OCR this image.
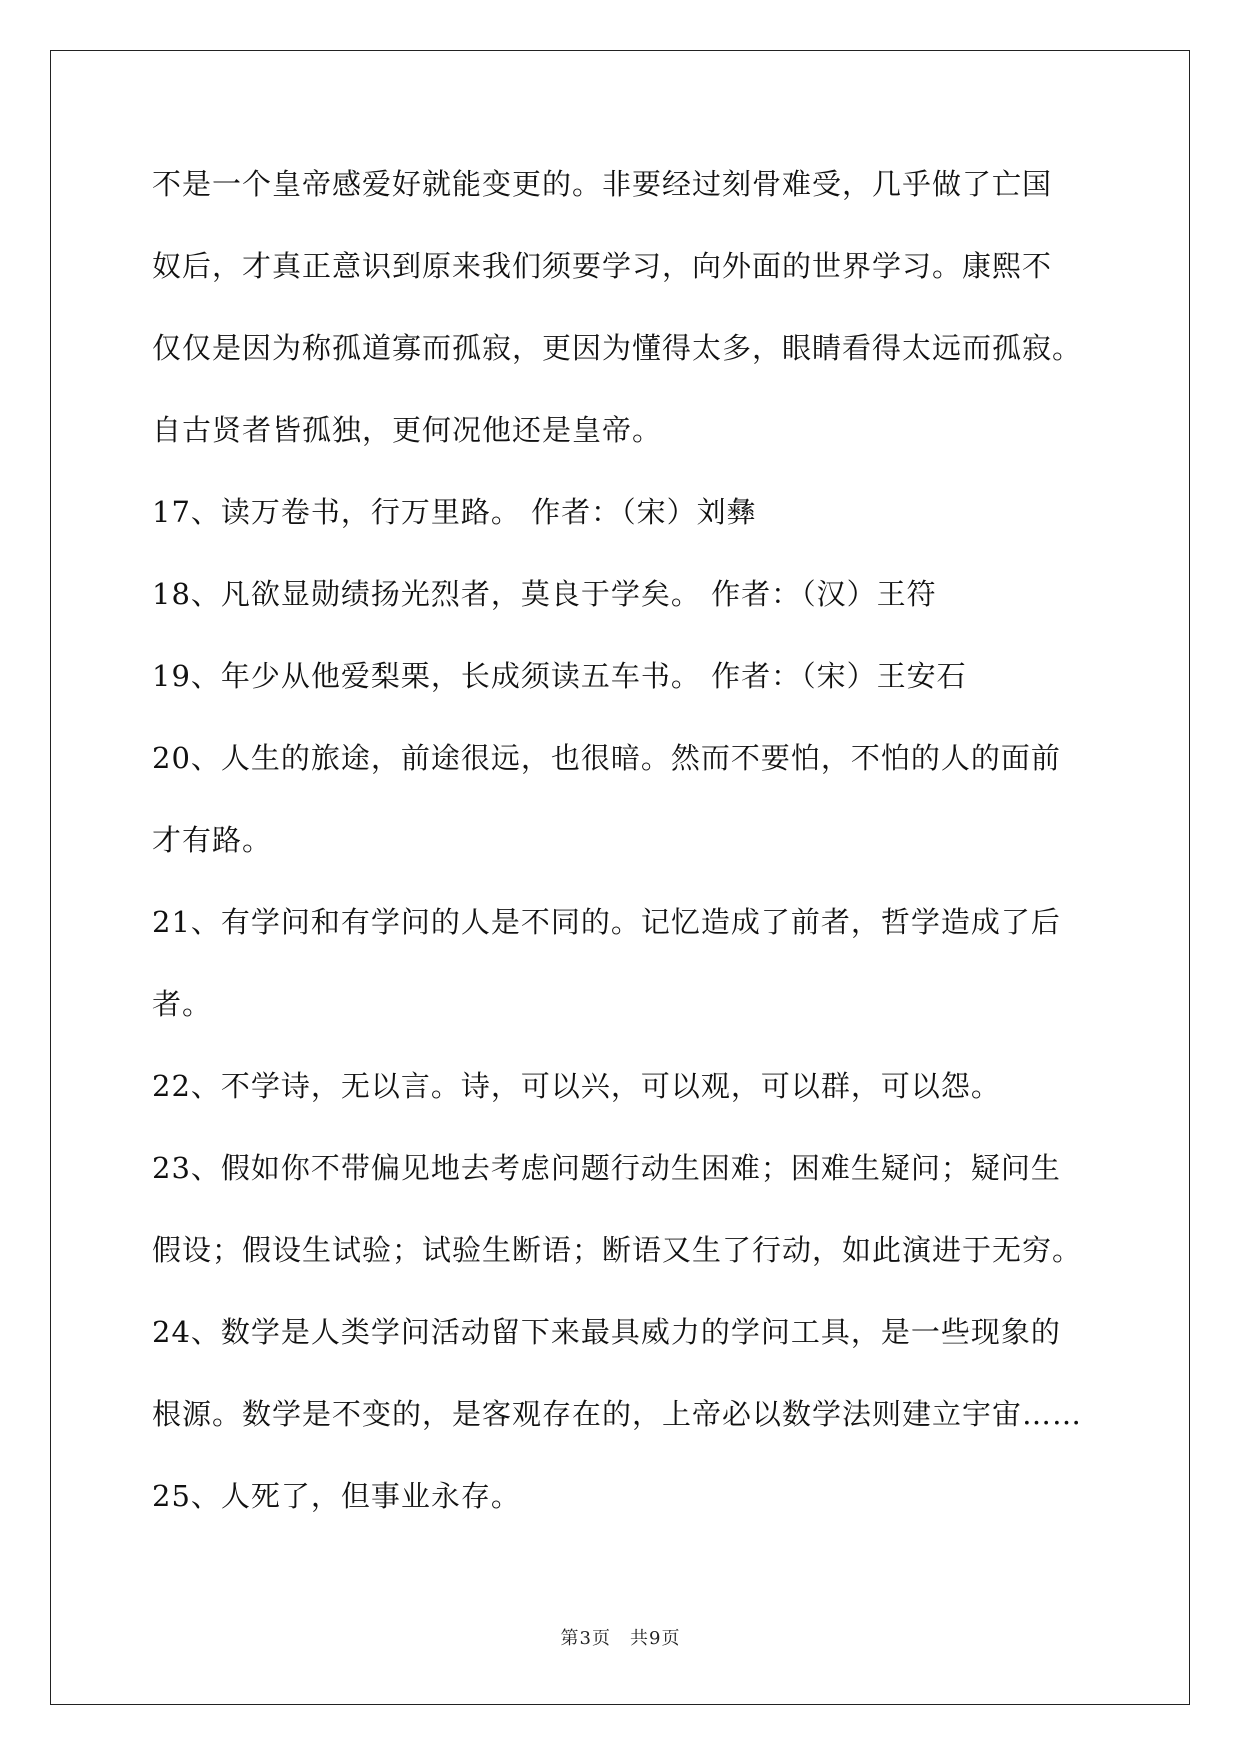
不是一个皇帝感爱好就能变更的。非要经过刻骨难受，几乎做了亡国
奴后，才真正意识到原来我们须要学习，向外面的世界学习。康熙不
仅仅是因为称孤道寡而孤寂，更因为懂得太多，眼睛看得太远而孤寂。
自古贤者皆孤独，更何况他还是皇帝。
17、读万卷书，行万里路。 作者：（宋）刘彝
18、凡欲显勋绩扬光烈者，莫良于学矣。 作者：（汉）王符
19、年少从他爱梨栗，长成须读五车书。 作者：（宋）王安石
20、人生的旅途，前途很远，也很暗。然而不要怕，不怕的人的面前
才有路。
21、有学问和有学问的人是不同的。记忆造成了前者，哲学造成了后
者。
22、不学诗，无以言。诗，可以兴，可以观，可以群，可以怨。
23、假如你不带偏见地去考虑问题行动生困难；困难生疑问；疑问生
假设；假设生试验；试验生断语；断语又生了行动，如此演进于无穷。
24、数学是人类学问活动留下来最具威力的学问工具，是一些现象的
根源。数学是不变的，是客观存在的，上帝必以数学法则建立宇宙……
25、人死了，但事业永存。
第3页　共9页
